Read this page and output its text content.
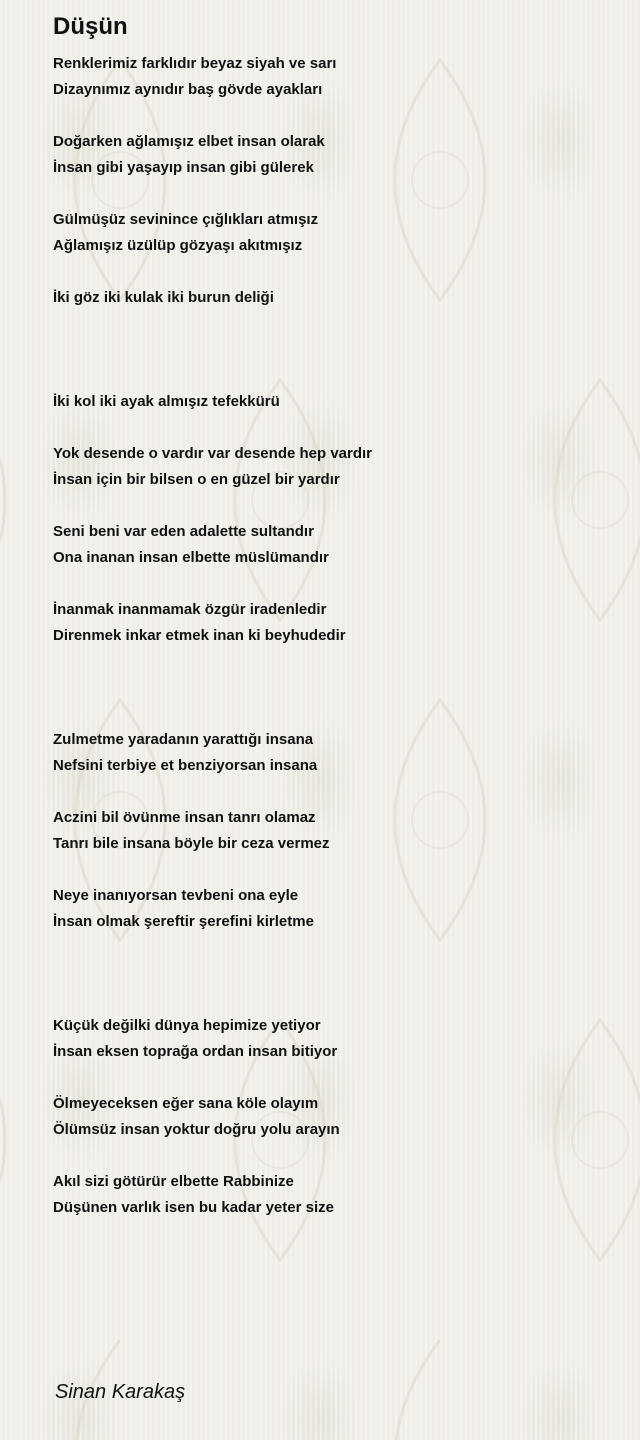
Düşün
Renklerimiz farklıdır beyaz siyah ve sarı
Dizaynımız aynıdır baş gövde ayakları
Doğarken ağlamışız elbet insan olarak
İnsan gibi yaşayıp insan gibi gülerek
Gülmüşüz sevinince çığlıkları atmışız
Ağlamışız üzülüp gözyaşı akıtmışız
İki göz iki kulak iki burun deliği
İki kol iki ayak almışız tefekkürü
Yok desende o vardır var desende hep vardır
İnsan için bir bilsen o en güzel bir yardır
Seni beni var eden adalette sultandır
Ona inanan insan elbette müslümandır
İnanmak inanmamak özgür iradenledir
Direnmek inkar etmek inan ki beyhudedir
Zulmetme yaradanın yarattığı insana
Nefsini terbiye et benziyorsan insana
Aczini bil övünme insan tanrı olamaz
Tanrı bile insana böyle bir ceza vermez
Neye inanıyorsan tevbeni ona eyle
İnsan olmak şereftir şerefini kirletme
Küçük değilki dünya hepimize yetiyor
İnsan eksen toprağa ordan insan bitiyor
Ölmeyeceksen eğer sana köle olayım
Ölümsüz insan yoktur doğru yolu arayın
Akıl sizi götürür elbette Rabbinize
Düşünen varlık isen bu kadar yeter size
Sinan Karakaş
